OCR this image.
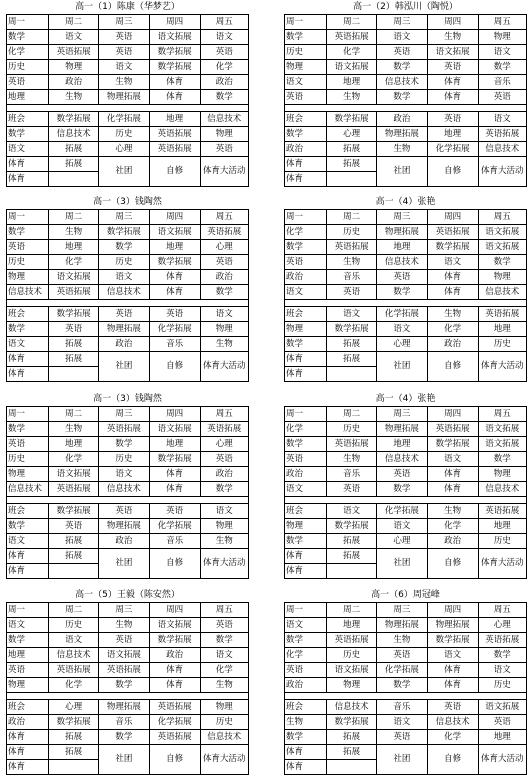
高一（1）陈康（华梦艺）
周一	周二	周三	周四	周五
数学	语文	英语	语文拓展	语文
化学	英语拓展	英语	数学拓展	英语
历史	物理	语文	数学拓展	化学
英语	政治	生物	体育	政治
地理	生物	物理拓展	体育	数学

班会	数学拓展	化学拓展	地理	信息技术
数学	信息技术	历史	英语拓展	物理
语文	拓展	心理	英语拓展	英语
体育	拓展	社团	自修	体育大活动
体育				
高一（2）韩泓川（陶悦）
周一	周二	周三	周四	周五
数学	英语拓展	语文	生物	物理
历史	化学	英语	语文拓展	语文
物理	语文拓展	数学	英语	数学
语文	地理	信息技术	体育	音乐
英语	生物	数学	体育	英语

班会	数学拓展	政治	英语	语文
数学	心理	物理拓展	地理	英语拓展
政治	拓展	生物	化学拓展	信息技术
体育	拓展	社团	自修	体育大活动
体育				
高一（3）钱陶然
周一	周二	周三	周四	周五
数学	生物	数学拓展	语文拓展	英语拓展
英语	地理	数学	地理	心理
历史	化学	历史	数学拓展	英语
物理	语文拓展	语文	体育	政治
信息技术	英语拓展	信息技术	体育	数学

班会	数学拓展	英语	英语	语文
数学	英语	物理拓展	化学拓展	物理
语文	拓展	政治	音乐	生物
体育	拓展	社团	自修	体育大活动
体育				
高一（4）张艳
周一	周二	周三	周四	周五
化学	历史	物理拓展	英语拓展	语文拓展
数学	英语拓展	地理	数学拓展	语文拓展
英语	生物	信息技术	语文	数学
政治	音乐	英语	体育	物理
语文	英语	数学	体育	信息技术

班会	语文	化学拓展	生物	英语拓展
物理	数学拓展	语文	化学	地理
数学	拓展	心理	政治	历史
体育	拓展	社团	自修	体育大活动
体育				
高一（3）钱陶然
周一	周二	周三	周四	周五
数学	生物	英语拓展	语文拓展	英语拓展
英语	地理	数学	地理	心理
历史	化学	历史	数学拓展	英语
物理	语文拓展	语文	体育	政治
信息技术	英语拓展	信息技术	体育	数学

班会	数学拓展	英语	英语	语文
数学	英语	物理拓展	化学拓展	物理
语文	拓展	政治	音乐	生物
体育	拓展	社团	自修	体育大活动
体育				
高一（4）张艳
周一	周二	周三	周四	周五
化学	历史	物理拓展	英语拓展	语文拓展
数学	英语拓展	地理	数学拓展	语文拓展
英语	生物	信息技术	语文	数学
政治	音乐	英语	体育	物理
语文	英语	数学	体育	信息技术

班会	语文	化学拓展	生物	英语拓展
物理	数学拓展	语文	化学	地理
数学	拓展	心理	政治	历史
体育	拓展	社团	自修	体育大活动
体育				
高一（5）王毅（陈安然）
周一	周二	周三	周四	周五
语文	历史	生物	语文拓展	英语
数学	语文	英语	数学拓展	数学
地理	信息技术	语文拓展	政治	语文
英语	英语拓展	英语拓展	体育	化学
物理	化学	数学	体育	生物

班会	心理	物理拓展	英语拓展	物理
政治	数学拓展	音乐	化学拓展	历史
体育	拓展	数学	英语拓展	信息技术
体育	拓展	社团	自修	体育大活动
体育				
高一（6）周冠峰
周一	周二	周三	周四	周五
语文	地理	物理拓展	物理拓展	心理
数学	英语拓展	生物	数学拓展	英语拓展
化学	历史	英语	语文	数学
英语	语文拓展	化学拓展	体育	语文
政治	物理	数学	体育	历史

班会	信息技术	音乐	英语	语文拓展
生物	数学拓展	语文	信息技术	英语
数学	拓展	英语	化学	地理
体育	拓展	社团	自修	体育大活动
体育				
